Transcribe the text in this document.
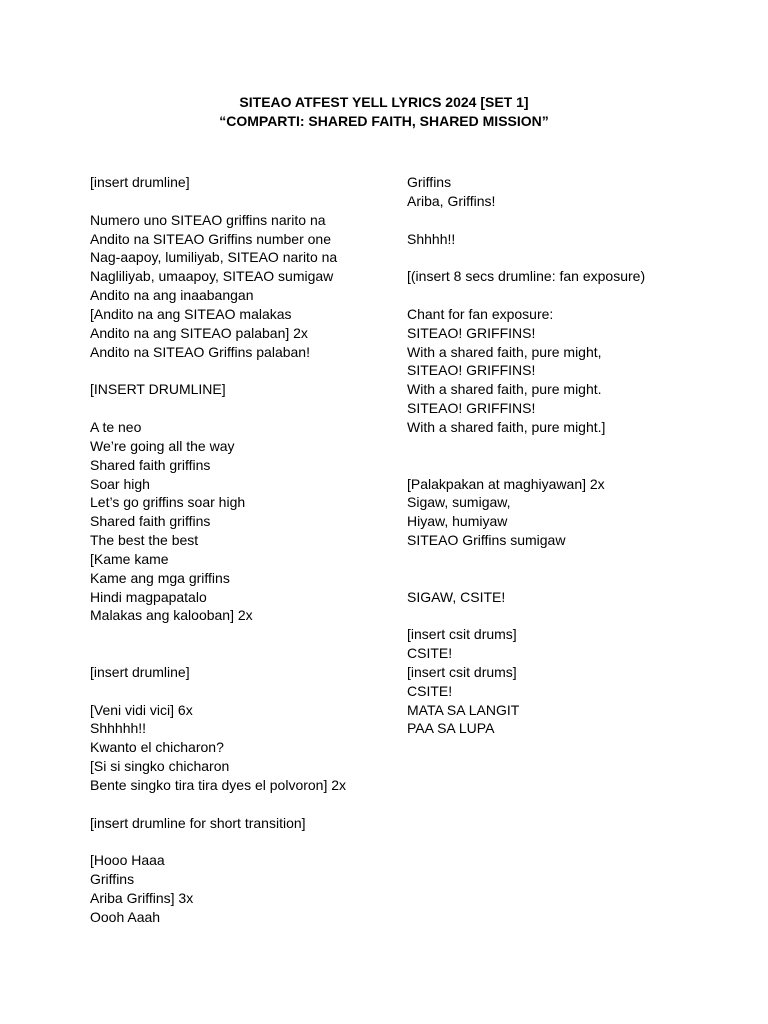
SITEAO ATFEST YELL LYRICS 2024 [SET 1]
“COMPARTI: SHARED FAITH, SHARED MISSION”
[insert drumline]
Numero uno SITEAO griffins narito na
Andito na SITEAO Griffins number one
Nag-aapoy, lumiliyab, SITEAO narito na
Nagliliyab, umaapoy, SITEAO sumigaw
Andito na ang inaabangan
[Andito na ang SITEAO malakas
Andito na ang SITEAO palaban] 2x
Andito na SITEAO Griffins palaban!
[INSERT DRUMLINE]
A te neo
We’re going all the way
Shared faith griffins
Soar high
Let’s go griffins soar high
Shared faith griffins
The best the best
[Kame kame
Kame ang mga griffins
Hindi magpapatalo
Malakas ang kalooban] 2x
[insert drumline]
[Veni vidi vici] 6x
Shhhhh!!
Kwanto el chicharon?
[Si si singko chicharon
Bente singko tira tira dyes el polvoron] 2x
[insert drumline for short transition]
[Hooo Haaa
Griffins
Ariba Griffins] 3x
Oooh Aaah
Griffins
Ariba, Griffins!
Shhhh!!
[(insert 8 secs drumline: fan exposure)
Chant for fan exposure:
SITEAO! GRIFFINS!
With a shared faith, pure might,
SITEAO! GRIFFINS!
With a shared faith, pure might.
SITEAO! GRIFFINS!
With a shared faith, pure might.]
[Palakpakan at maghiyawan] 2x
Sigaw, sumigaw,
Hiyaw, humiyaw
SITEAO Griffins sumigaw
SIGAW, CSITE!
[insert csit drums]
CSITE!
[insert csit drums]
CSITE!
MATA SA LANGIT
PAA SA LUPA
